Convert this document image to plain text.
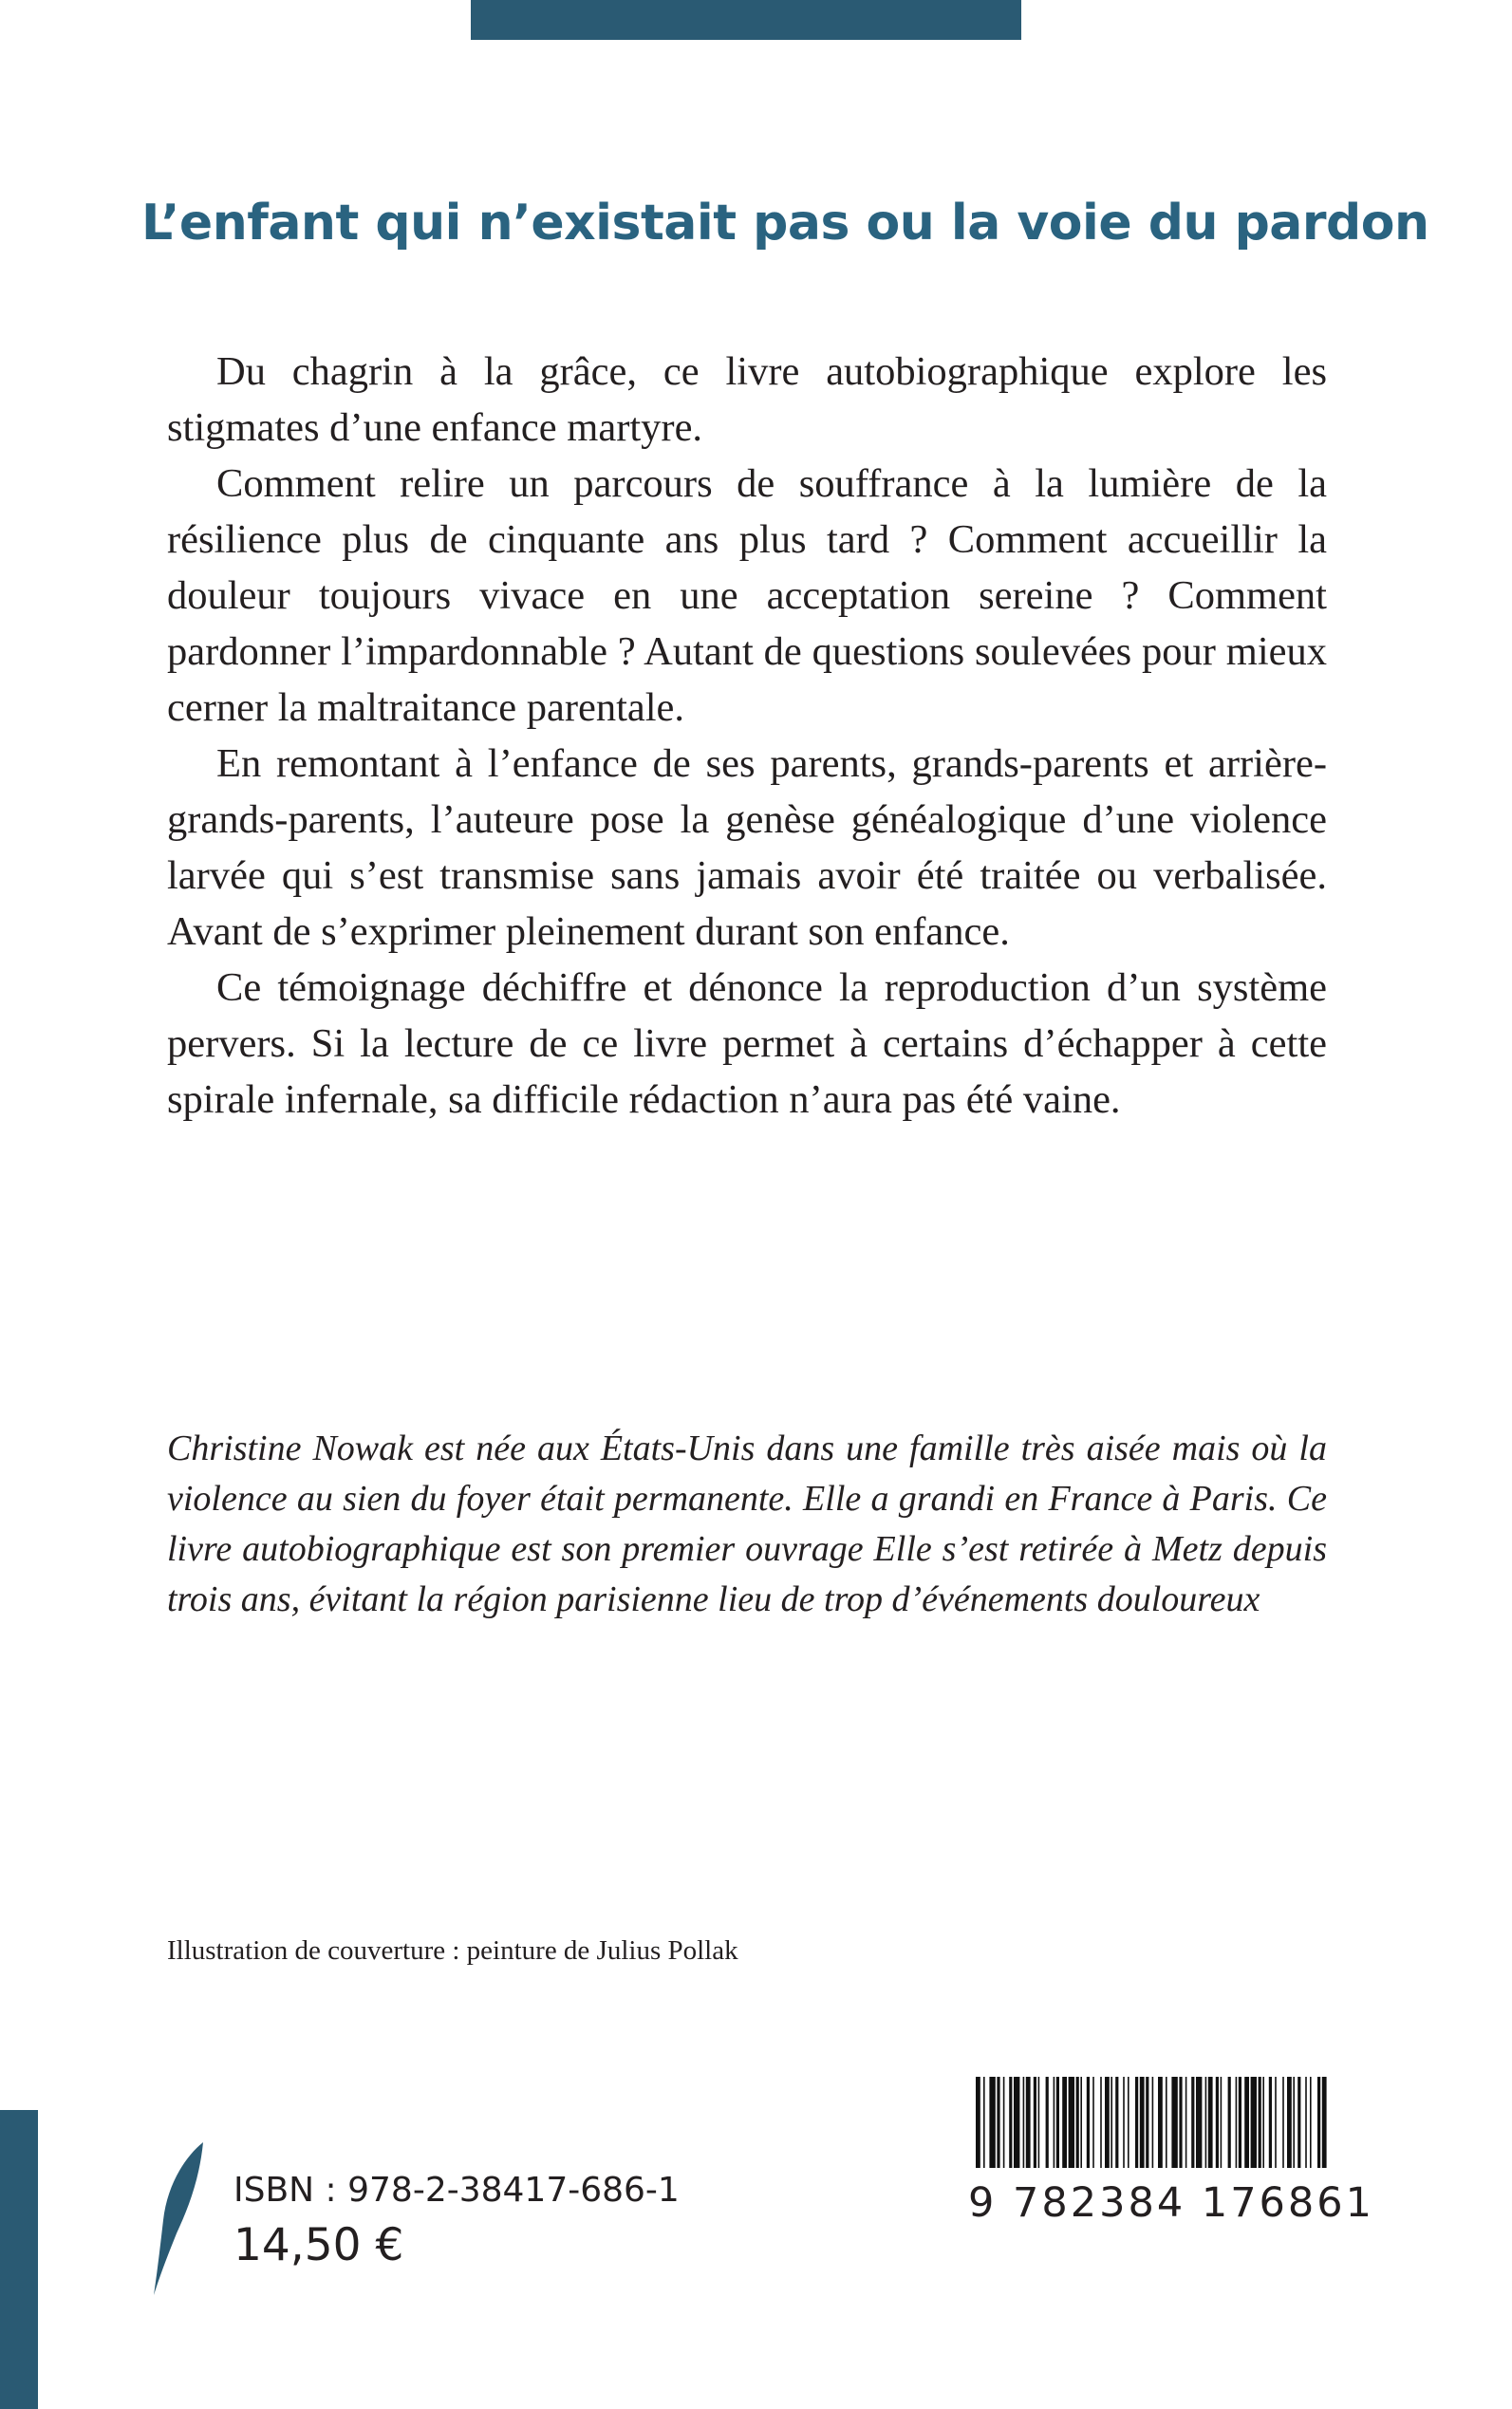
L’enfant qui n’existait pas ou la voie du pardon

Du chagrin à la grâce, ce livre autobiographique explore les stigmates d’une enfance martyre.

Comment relire un parcours de souffrance à la lumière de la résilience plus de cinquante ans plus tard ? Comment accueillir la douleur toujours vivace en une acceptation sereine ? Comment pardonner l’impardonnable ? Autant de questions soulevées pour mieux cerner la maltraitance parentale.

En remontant à l’enfance de ses parents, grands-parents et arrière-grands-parents, l’auteure pose la genèse généalogique d’une violence larvée qui s’est transmise sans jamais avoir été traitée ou verbalisée. Avant de s’exprimer pleinement durant son enfance.

Ce témoignage déchiffre et dénonce la reproduction d’un système pervers. Si la lecture de ce livre permet à certains d’échapper à cette spirale infernale, sa difficile rédaction n’aura pas été vaine.

Christine Nowak est née aux États-Unis dans une famille très aisée mais où la violence au sien du foyer était permanente. Elle a grandi en France à Paris. Ce livre autobiographique est son premier ouvrage Elle s’est retirée à Metz depuis trois ans, évitant la région parisienne lieu de trop d’événements douloureux

Illustration de couverture : peinture de Julius Pollak

ISBN : 978-2-38417-686-1
14,50 €
9 782384 176861
